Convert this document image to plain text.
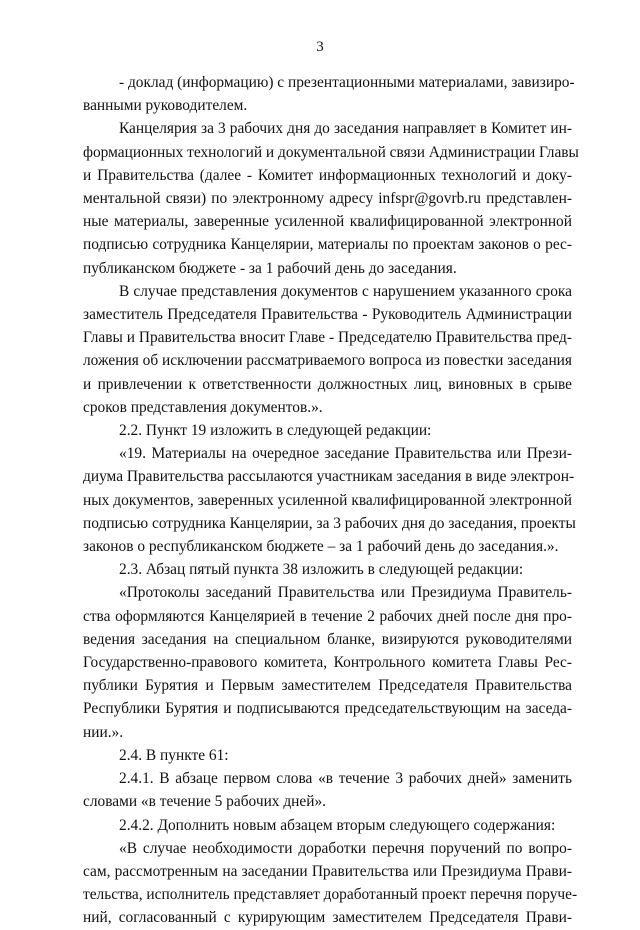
3

- доклад (информацию) с презентационными материалами, завизиро-
ванными руководителем.

Канцелярия за 3 рабочих дня до заседания направляет в Комитет ин-
формационных технологий и документальной связи Администрации Главы
и Правительства (далее - Комитет информационных технологий и доку-
ментальной связи) по электронному адресу infspr@govrb.ru представлен-
ные материалы, заверенные усиленной квалифицированной электронной
подписью сотрудника Канцелярии, материалы по проектам законов о рес-
публиканском бюджете - за 1 рабочий день до заседания.

В случае представления документов с нарушением указанного срока
заместитель Председателя Правительства - Руководитель Администрации
Главы и Правительства вносит Главе - Председателю Правительства пред-
ложения об исключении рассматриваемого вопроса из повестки заседания
и привлечении к ответственности должностных лиц, виновных в срыве
сроков представления документов.».

2.2. Пункт 19 изложить в следующей редакции:

«19. Материалы на очередное заседание Правительства или Прези-
диума Правительства рассылаются участникам заседания в виде электрон-
ных документов, заверенных усиленной квалифицированной электронной
подписью сотрудника Канцелярии, за 3 рабочих дня до заседания, проекты
законов о республиканском бюджете – за 1 рабочий день до заседания.».

2.3. Абзац пятый пункта 38 изложить в следующей редакции:

«Протоколы заседаний Правительства или Президиума Правитель-
ства оформляются Канцелярией в течение 2 рабочих дней после дня про-
ведения заседания на специальном бланке, визируются руководителями
Государственно-правового комитета, Контрольного комитета Главы Рес-
публики Бурятия и Первым заместителем Председателя Правительства
Республики Бурятия и подписываются председательствующим на заседа-
нии.».

2.4. В пункте 61:

2.4.1. В абзаце первом слова «в течение 3 рабочих дней» заменить
словами «в течение 5 рабочих дней».

2.4.2. Дополнить новым абзацем вторым следующего содержания:

«В случае необходимости доработки перечня поручений по вопро-
сам, рассмотренным на заседании Правительства или Президиума Прави-
тельства, исполнитель представляет доработанный проект перечня поруче-
ний, согласованный с курирующим заместителем Председателя Прави-
